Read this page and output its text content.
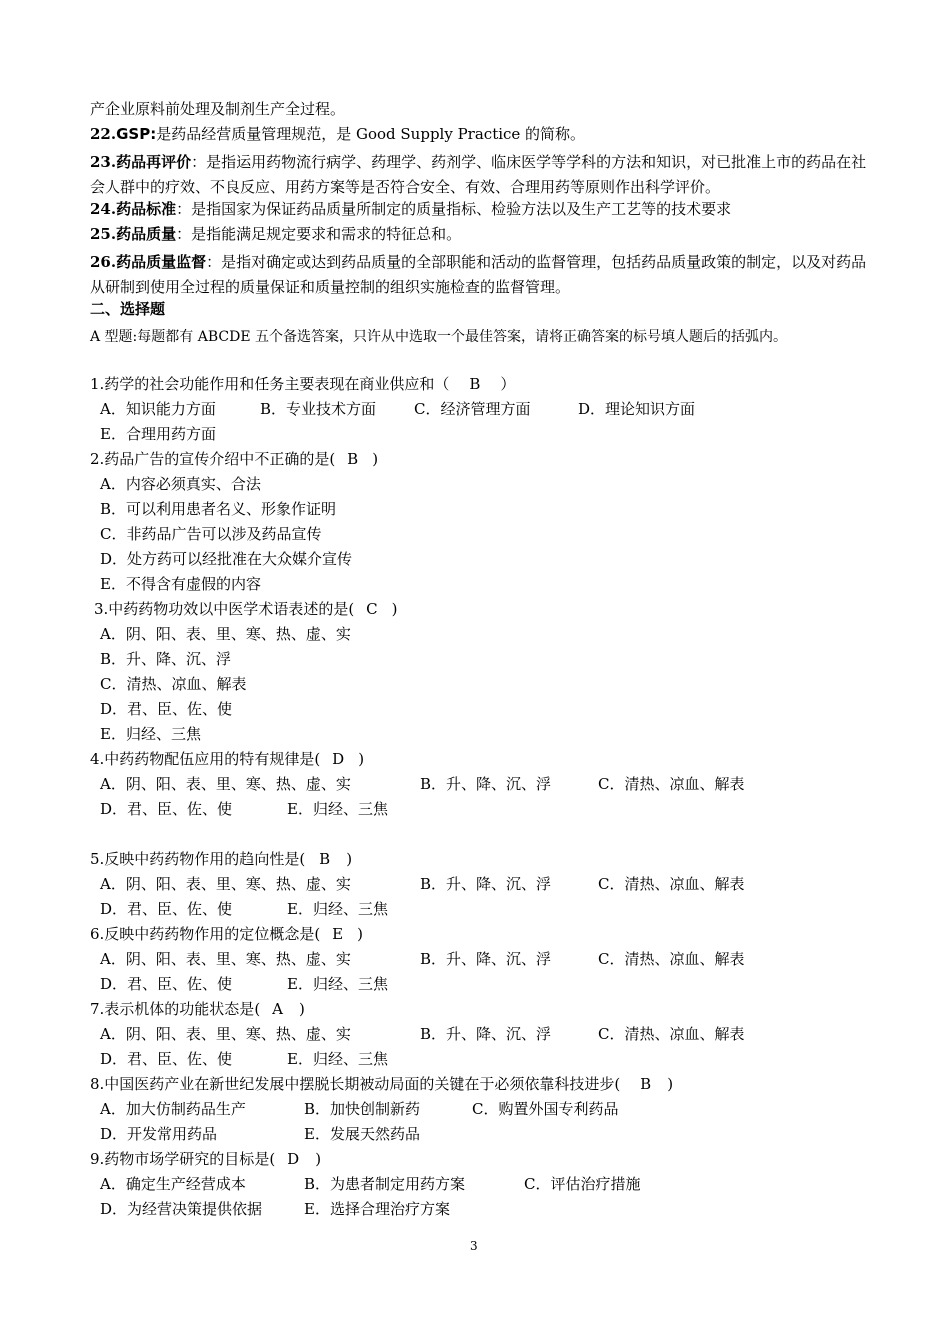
产企业原料前处理及制剂生产全过程。
22.GSP:是药品经营质量管理规范，是 Good Supply Practice 的简称。
23.药品再评价：是指运用药物流行病学、药理学、药剂学、临床医学等学科的方法和知识，对已批准上市的药品在社会人群中的疗效、不良反应、用药方案等是否符合安全、有效、合理用药等原则作出科学评价。
24.药品标准：是指国家为保证药品质量所制定的质量指标、检验方法以及生产工艺等的技术要求
25.药品质量：是指能满足规定要求和需求的特征总和。
26.药品质量监督：是指对确定或达到药品质量的全部职能和活动的监督管理，包括药品质量政策的制定，以及对药品从研制到使用全过程的质量保证和质量控制的组织实施检查的监督管理。
二、选择题
A 型题:每题都有 ABCDE 五个备选答案，只许从中选取一个最佳答案，请将正确答案的标号填人题后的括弧内。
1.药学的社会功能作用和任务主要表现在商业供应和（ B ）
A．知识能力方面	B．专业技术方面	C．经济管理方面	D．理论知识方面
E．合理用药方面
2.药品广告的宣传介绍中不正确的是( B )
A．内容必须真实、合法
B．可以利用患者名义、形象作证明
C．非药品广告可以涉及药品宣传
D．处方药可以经批准在大众媒介宣传
E．不得含有虚假的内容
3.中药药物功效以中医学术语表述的是( C )
A．阴、阳、表、里、寒、热、虚、实
B．升、降、沉、浮
C．清热、凉血、解表
D．君、臣、佐、使
E．归经、三焦
4.中药药物配伍应用的特有规律是( D )
A．阴、阳、表、里、寒、热、虚、实	B．升、降、沉、浮	C．清热、凉血、解表
D．君、臣、佐、使	E．归经、三焦
5.反映中药药物作用的趋向性是( B )
A．阴、阳、表、里、寒、热、虚、实	B．升、降、沉、浮	C．清热、凉血、解表
D．君、臣、佐、使	E．归经、三焦
6.反映中药药物作用的定位概念是( E )
A．阴、阳、表、里、寒、热、虚、实	B．升、降、沉、浮	C．清热、凉血、解表
D．君、臣、佐、使	E．归经、三焦
7.表示机体的功能状态是( A )
A．阴、阳、表、里、寒、热、虚、实	B．升、降、沉、浮	C．清热、凉血、解表
D．君、臣、佐、使	E．归经、三焦
8.中国医药产业在新世纪发展中摆脱长期被动局面的关键在于必须依靠科技进步( B )
A．加大仿制药品生产	B．加快创制新药	C．购置外国专利药品
D．开发常用药品	E．发展天然药品
9.药物市场学研究的目标是( D )
A．确定生产经营成本	B．为患者制定用药方案	C．评估治疗措施
D．为经营决策提供依据	E．选择合理治疗方案
3
